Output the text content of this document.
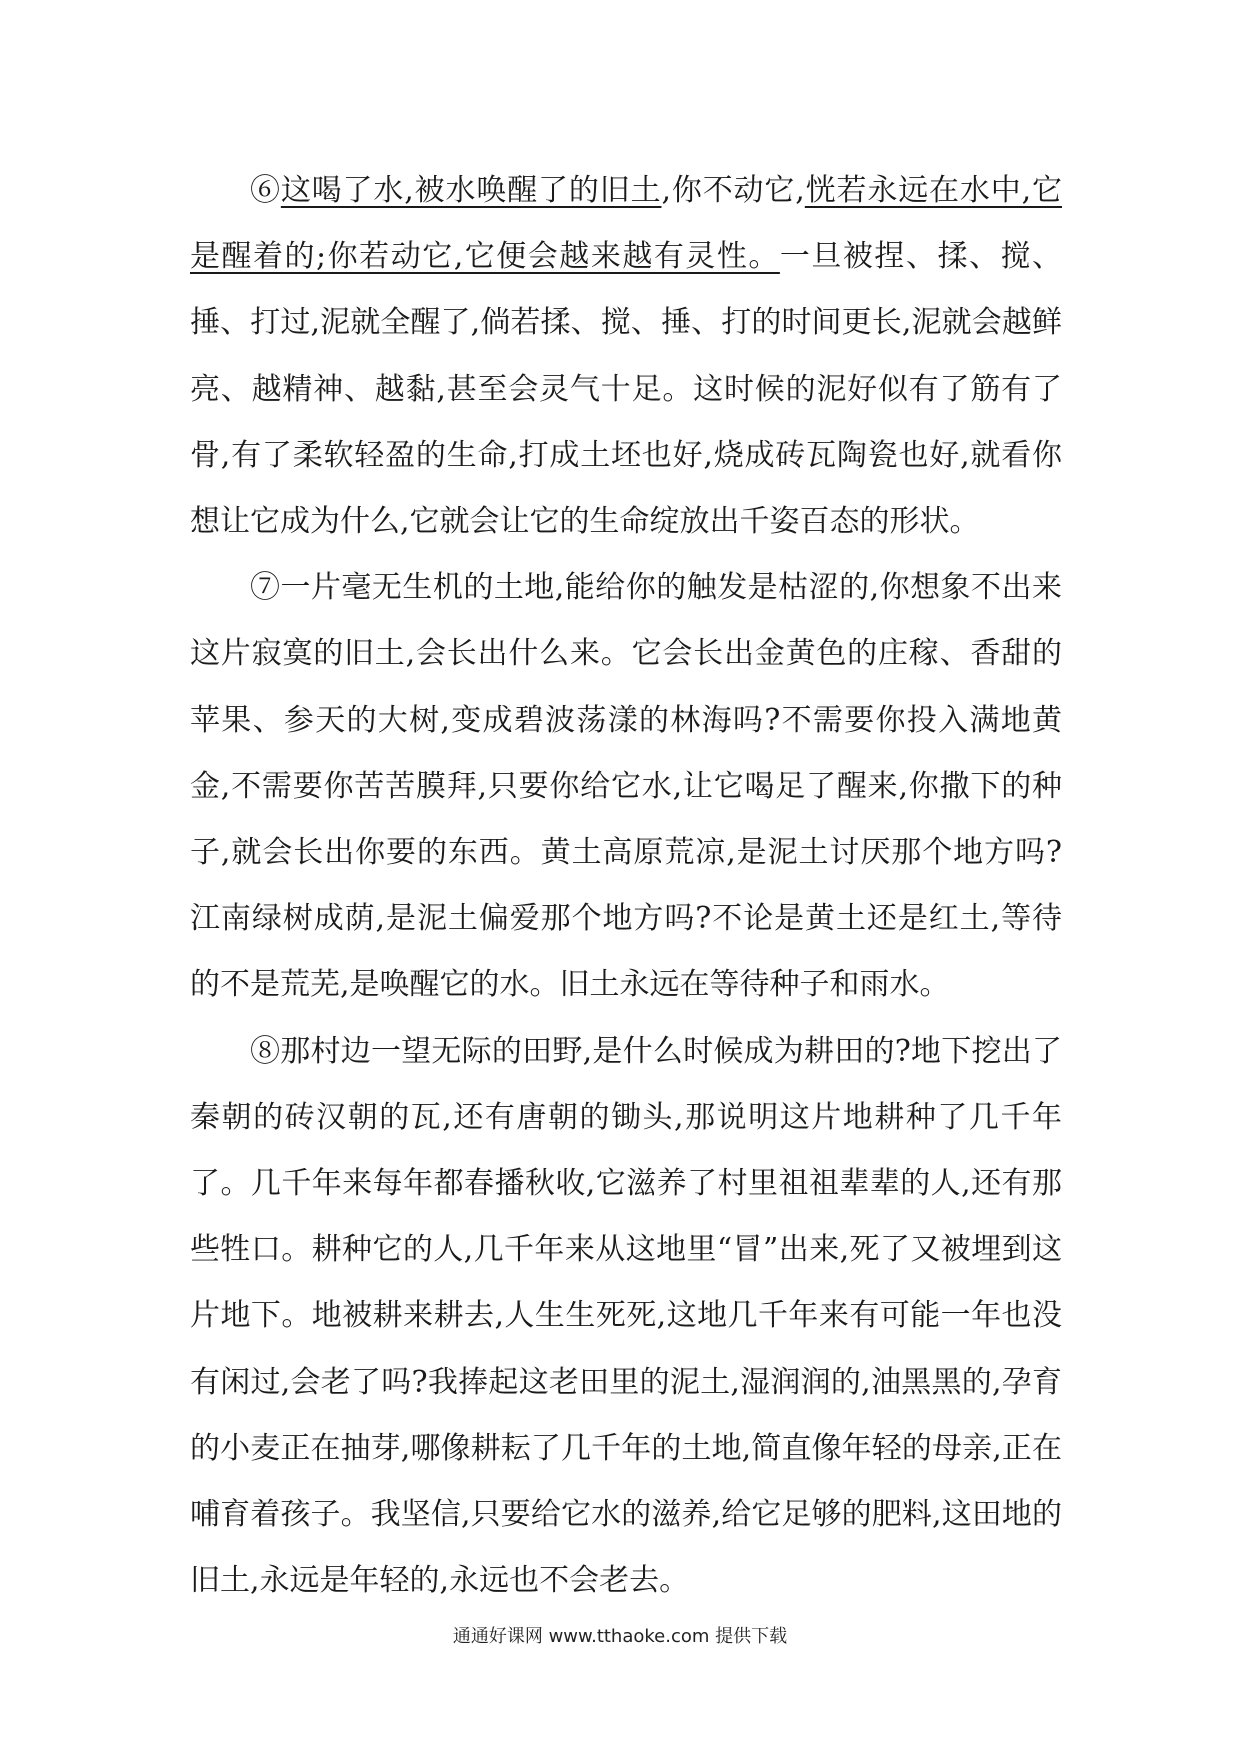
⑥这喝了水,被水唤醒了的旧土,你不动它,恍若永远在水中,它是醒着的;你若动它,它便会越来越有灵性。一旦被捏、揉、搅、捶、打过,泥就全醒了,倘若揉、搅、捶、打的时间更长,泥就会越鲜亮、越精神、越黏,甚至会灵气十足。这时候的泥好似有了筋有了骨,有了柔软轻盈的生命,打成土坯也好,烧成砖瓦陶瓷也好,就看你想让它成为什么,它就会让它的生命绽放出千姿百态的形状。

⑦一片毫无生机的土地,能给你的触发是枯涩的,你想象不出来这片寂寞的旧土,会长出什么来。它会长出金黄色的庄稼、香甜的苹果、参天的大树,变成碧波荡漾的林海吗?不需要你投入满地黄金,不需要你苦苦膜拜,只要你给它水,让它喝足了醒来,你撒下的种子,就会长出你要的东西。黄土高原荒凉,是泥土讨厌那个地方吗?江南绿树成荫,是泥土偏爱那个地方吗?不论是黄土还是红土,等待的不是荒芜,是唤醒它的水。旧土永远在等待种子和雨水。

⑧那村边一望无际的田野,是什么时候成为耕田的?地下挖出了秦朝的砖汉朝的瓦,还有唐朝的锄头,那说明这片地耕种了几千年了。几千年来每年都春播秋收,它滋养了村里祖祖辈辈的人,还有那些牲口。耕种它的人,几千年来从这地里“冒”出来,死了又被埋到这片地下。地被耕来耕去,人生生死死,这地几千年来有可能一年也没有闲过,会老了吗?我捧起这老田里的泥土,湿润润的,油黑黑的,孕育的小麦正在抽芽,哪像耕耘了几千年的土地,简直像年轻的母亲,正在哺育着孩子。我坚信,只要给它水的滋养,给它足够的肥料,这田地的旧土,永远是年轻的,永远也不会老去。

通通好课网 www.tthaoke.com 提供下载
